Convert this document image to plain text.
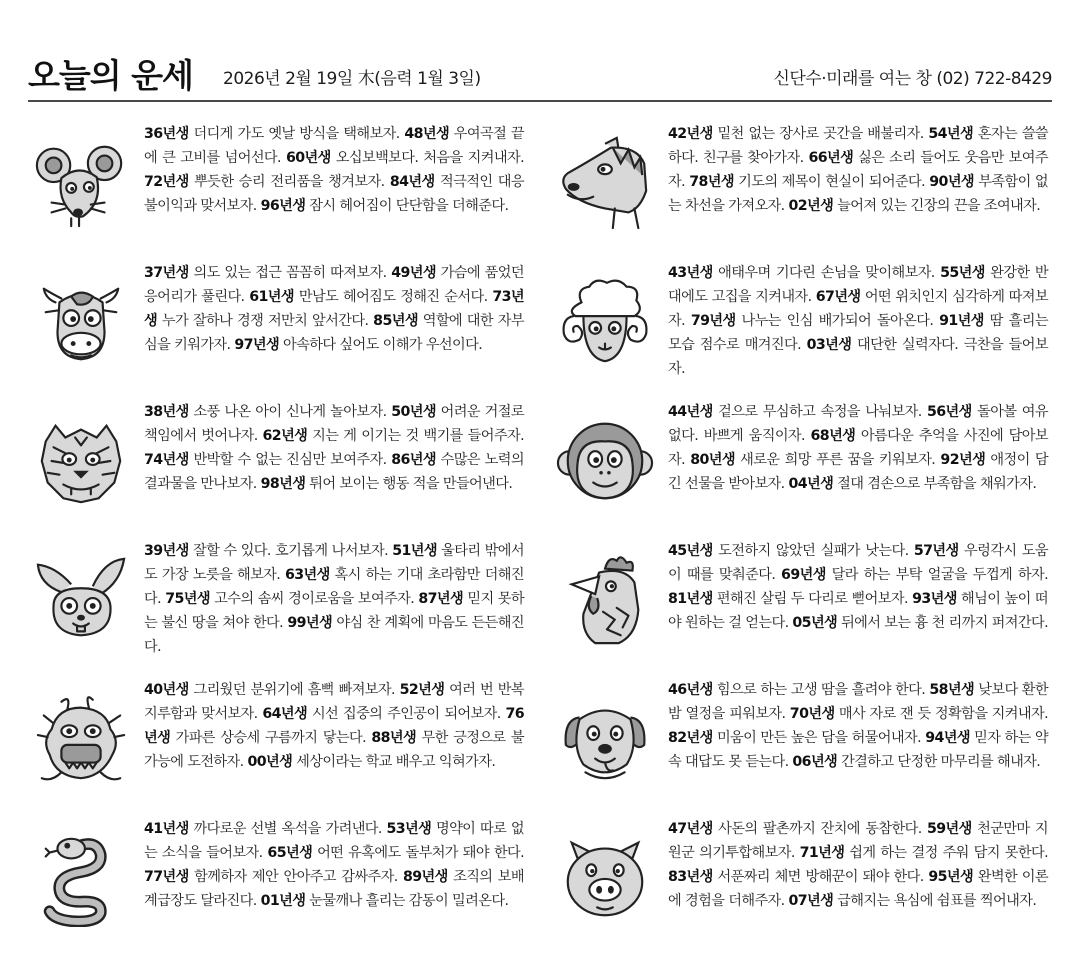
오늘의 운세 2026년 2월 19일 木(음력 1월 3일)	신단수·미래를 여는 창 (02) 722-8429
36년생 더디게 가도 옛날 방식을 택해보자. 48년생 우여곡절 끝에 큰 고비를 넘어선다. 60년생 오십보백보다. 처음을 지켜내자. 72년생 뿌듯한 승리 전리품을 챙겨보자. 84년생 적극적인 대응 불이익과 맞서보자. 96년생 잠시 헤어짐이 단단함을 더해준다.
37년생 의도 있는 접근 꼼꼼히 따져보자. 49년생 가슴에 품었던 응어리가 풀린다. 61년생 만남도 헤어짐도 정해진 순서다. 73년생 누가 잘하나 경쟁 저만치 앞서간다. 85년생 역할에 대한 자부심을 키워가자. 97년생 아속하다 싶어도 이해가 우선이다.
38년생 소풍 나온 아이 신나게 놀아보자. 50년생 어려운 거절로 책임에서 벗어나자. 62년생 지는 게 이기는 것 백기를 들어주자. 74년생 반박할 수 없는 진심만 보여주자. 86년생 수많은 노력의 결과물을 만나보자. 98년생 튀어 보이는 행동 적을 만들어낸다.
39년생 잘할 수 있다. 호기롭게 나서보자. 51년생 울타리 밖에서도 가장 노릇을 해보자. 63년생 혹시 하는 기대 초라함만 더해진다. 75년생 고수의 솜씨 경이로움을 보여주자. 87년생 믿지 못하는 불신 땅을 쳐야 한다. 99년생 야심 찬 계획에 마음도 든든해진다.
40년생 그리웠던 분위기에 흠뻑 빠져보자. 52년생 여러 번 반복 지루함과 맞서보자. 64년생 시선 집중의 주인공이 되어보자. 76년생 가파른 상승세 구름까지 닿는다. 88년생 무한 긍정으로 불가능에 도전하자. 00년생 세상이라는 학교 배우고 익혀가자.
41년생 까다로운 선별 옥석을 가려낸다. 53년생 명약이 따로 없는 소식을 들어보자. 65년생 어떤 유혹에도 돌부처가 돼야 한다. 77년생 함께하자 제안 안아주고 감싸주자. 89년생 조직의 보배 계급장도 달라진다. 01년생 눈물깨나 흘리는 감동이 밀려온다.
42년생 밑천 없는 장사로 곳간을 배불리자. 54년생 혼자는 쓸쓸하다. 친구를 찾아가자. 66년생 싫은 소리 들어도 웃음만 보여주자. 78년생 기도의 제목이 현실이 되어준다. 90년생 부족함이 없는 차선을 가져오자. 02년생 늘어져 있는 긴장의 끈을 조여내자.
43년생 애태우며 기다린 손님을 맞이해보자. 55년생 완강한 반대에도 고집을 지켜내자. 67년생 어떤 위치인지 심각하게 따져보자. 79년생 나누는 인심 배가되어 돌아온다. 91년생 땀 흘리는 모습 점수로 매겨진다. 03년생 대단한 실력자다. 극찬을 들어보자.
44년생 겉으로 무심하고 속정을 나눠보자. 56년생 돌아볼 여유 없다. 바쁘게 움직이자. 68년생 아름다운 추억을 사진에 담아보자. 80년생 새로운 희망 푸른 꿈을 키워보자. 92년생 애정이 담긴 선물을 받아보자. 04년생 절대 겸손으로 부족함을 채워가자.
45년생 도전하지 않았던 실패가 낫는다. 57년생 우렁각시 도움이 때를 맞춰준다. 69년생 달라 하는 부탁 얼굴을 두껍게 하자. 81년생 편해진 살림 두 다리로 뻗어보자. 93년생 해님이 높이 떠야 원하는 걸 얻는다. 05년생 뒤에서 보는 흉 천 리까지 퍼져간다.
46년생 힘으로 하는 고생 땀을 흘려야 한다. 58년생 낮보다 환한 밤 열정을 피워보자. 70년생 매사 자로 잰 듯 정확함을 지켜내자. 82년생 미움이 만든 높은 담을 허물어내자. 94년생 믿자 하는 약속 대답도 못 듣는다. 06년생 간결하고 단정한 마무리를 해내자.
47년생 사돈의 팔촌까지 잔치에 동참한다. 59년생 천군만마 지원군 의기투합해보자. 71년생 쉽게 하는 결정 주워 담지 못한다. 83년생 서푼짜리 체면 방해꾼이 돼야 한다. 95년생 완벽한 이론에 경험을 더해주자. 07년생 급해지는 욕심에 쉼표를 찍어내자.
